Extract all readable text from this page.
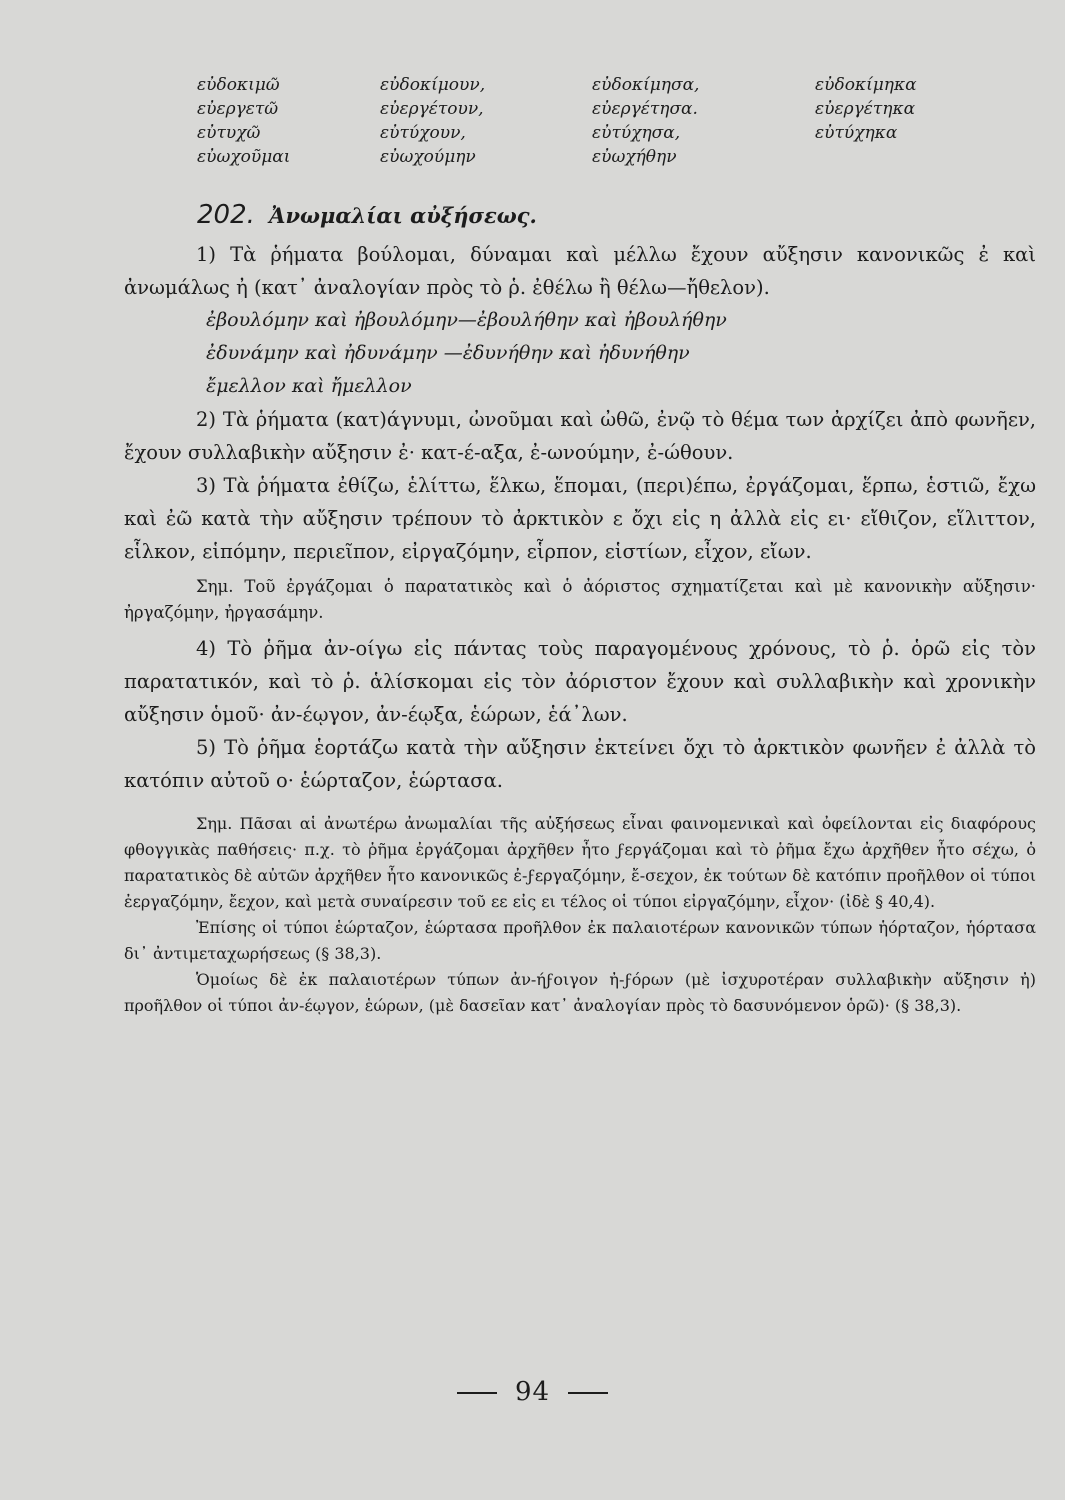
εὐδοκιμῶ	εὐδοκίμουν,	εὐδοκίμησα,	εὐδοκίμηκα
εὐεργετῶ	εὐεργέτουν,	εὐεργέτησα.	εὐεργέτηκα
εὐτυχῶ	εὐτύχουν,	εὐτύχησα,	εὐτύχηκα
εὐωχοῦμαι	εὐωχούμην	εὐωχήθην
202. Ἀνωμαλίαι αὐξήσεως.

1) Τὰ ῥήματα βούλομαι, δύναμαι καὶ μέλλω ἔχουν αὔξησιν κανονικῶς ἐ καὶ ἀνωμάλως ἠ (κατ᾿ ἀναλογίαν πρὸς τὸ ῥ. ἐθέλω ἢ θέλω—ἤθελον).

ἐβουλόμην καὶ ἠβουλόμην—ἐβουλήθην καὶ ἠβουλήθην

ἐδυνάμην καὶ ἠδυνάμην —ἐδυνήθην καὶ ἠδυνήθην

ἔμελλον καὶ ἤμελλον

2) Τὰ ῥήματα (κατ)άγνυμι, ὠνοῦμαι καὶ ὠθῶ, ἐνῷ τὸ θέμα των ἀρχίζει ἀπὸ φωνῆεν, ἔχουν συλλαβικὴν αὔξησιν ἐ· κατ-έ-αξα, ἐ-ωνούμην, ἐ-ώθουν.

3) Τὰ ῥήματα ἐθίζω, ἑλίττω, ἕλκω, ἕπομαι, (περι)έπω, ἐργάζομαι, ἕρπω, ἑστιῶ, ἔχω καὶ ἐῶ κατὰ τὴν αὔξησιν τρέπουν τὸ ἀρκτικὸν ε ὄχι εἰς η ἀλλὰ εἰς ει· εἴθιζον, εἵλιττον, εἷλκον, εἱπόμην, περιεῖπον, εἰργαζόμην, εἷρπον, εἱστίων, εἶχον, εἴων.

Σημ. Τοῦ ἐργάζομαι ὁ παρατατικὸς καὶ ὁ ἀόριστος σχηματίζεται καὶ μὲ κανονικὴν αὔξησιν· ἠργαζόμην, ἠργασάμην.

4) Τὸ ῥῆμα ἀν-οίγω εἰς πάντας τοὺς παραγομένους χρόνους, τὸ ῥ. ὁρῶ εἰς τὸν παρατατικόν, καὶ τὸ ῥ. ἁλίσκομαι εἰς τὸν ἀόριστον ἔχουν καὶ συλλαβικὴν καὶ χρονικὴν αὔξησιν ὁμοῦ· ἀν-έῳγον, ἀν-έῳξα, ἑώρων, ἑά᾿λων.

5) Τὸ ῥῆμα ἑορτάζω κατὰ τὴν αὔξησιν ἐκτείνει ὄχι τὸ ἀρκτικὸν φωνῆεν ἐ ἀλλὰ τὸ κατόπιν αὐτοῦ ο· ἑώρταζον, ἑώρτασα.

Σημ. Πᾶσαι αἱ ἀνωτέρω ἀνωμαλίαι τῆς αὐξήσεως εἶναι φαινομενικαὶ καὶ ὀφείλονται εἰς διαφόρους φθογγικὰς παθήσεις· π.χ. τὸ ῥῆμα ἐργάζομαι ἀρχῆθεν ἦτο ϝεργάζομαι καὶ τὸ ῥῆμα ἔχω ἀρχῆθεν ἦτο σέχω, ὁ παρατατικὸς δὲ αὐτῶν ἀρχῆθεν ἦτο κανονικῶς ἐ-ϝεργαζόμην, ἔ-σεχον, ἐκ τούτων δὲ κατόπιν προῆλθον οἱ τύποι ἐεργαζόμην, ἔεχον, καὶ μετὰ συναίρεσιν τοῦ εε εἰς ει τέλος οἱ τύποι εἰργαζόμην, εἶχον· (ἰδὲ § 40,4).

Ἐπίσης οἱ τύποι ἑώρταζον, ἑώρτασα προῆλθον ἐκ παλαιοτέρων κανονικῶν τύπων ἡόρταζον, ἡόρτασα δι᾿ ἀντιμεταχωρήσεως (§ 38,3).

Ὁμοίως δὲ ἐκ παλαιοτέρων τύπων ἀν-ήϝοιγον ἠ-ϝόρων (μὲ ἰσχυροτέραν συλλαβικὴν αὔξησιν ἠ) προῆλθον οἱ τύποι ἀν-έῳγον, ἑώρων, (μὲ δασεῖαν κατ᾿ ἀναλογίαν πρὸς τὸ δασυνόμενον ὁρῶ)· (§ 38,3).

94
